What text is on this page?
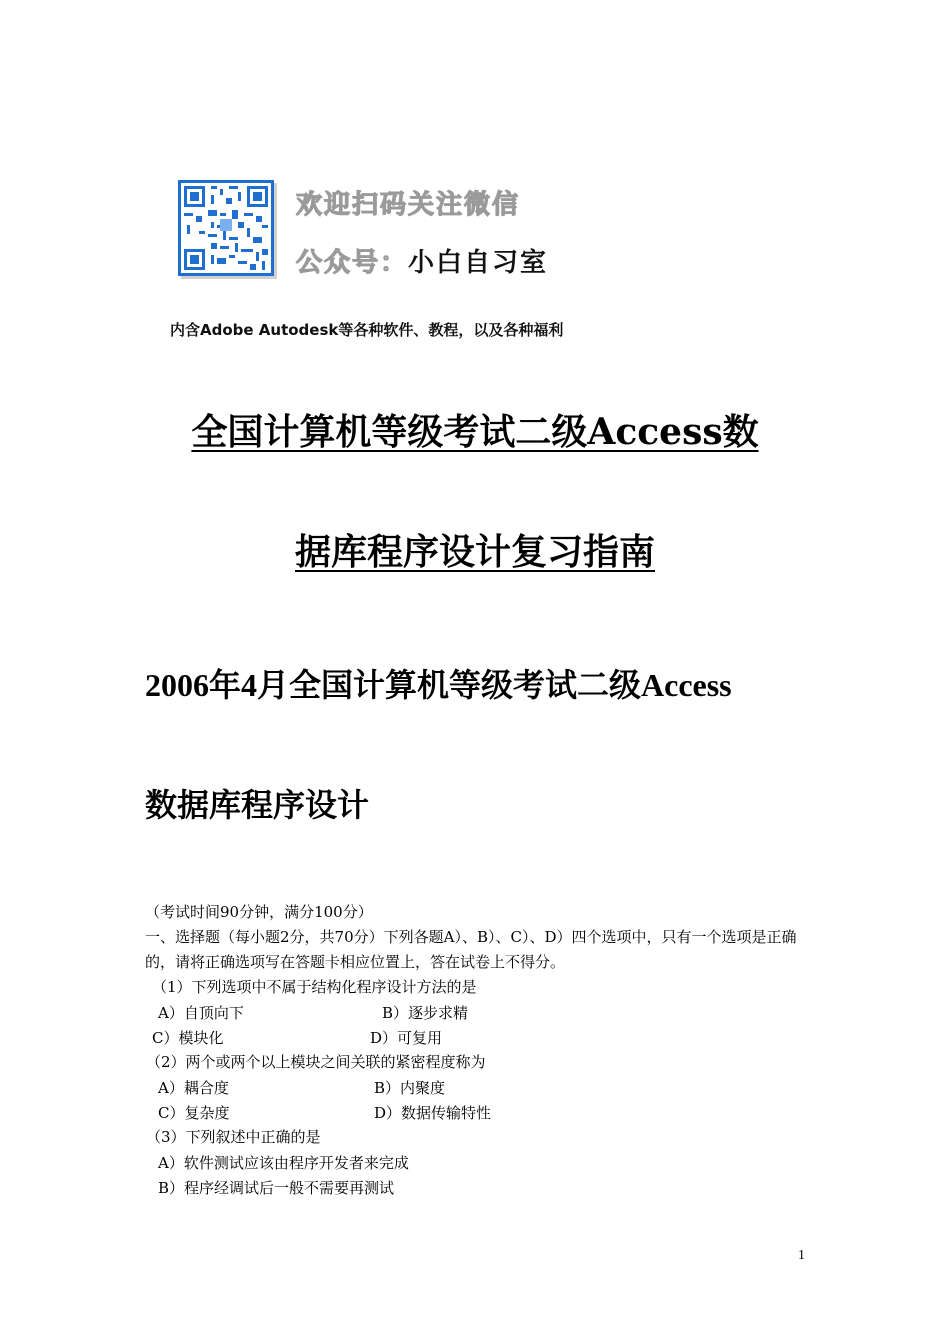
欢迎扫码关注微信
公众号：小白自习室
内含Adobe Autodesk等各种软件、教程，以及各种福利
全国计算机等级考试二级Access数
据库程序设计复习指南
2006年4月全国计算机等级考试二级Access
数据库程序设计
（考试时间90分钟，满分100分）
一、选择题（每小题2分，共70分）下列各题A）、B）、C）、D）四个选项中，只有一个选项是正确
的，请将正确选项写在答题卡相应位置上，答在试卷上不得分。
（1）下列选项中不属于结构化程序设计方法的是
A）自顶向下	B）逐步求精
C）模块化	D）可复用
（2）两个或两个以上模块之间关联的紧密程度称为
A）耦合度	B）内聚度
C）复杂度	D）数据传输特性
（3）下列叙述中正确的是
A）软件测试应该由程序开发者来完成
B）程序经调试后一般不需要再测试
1
